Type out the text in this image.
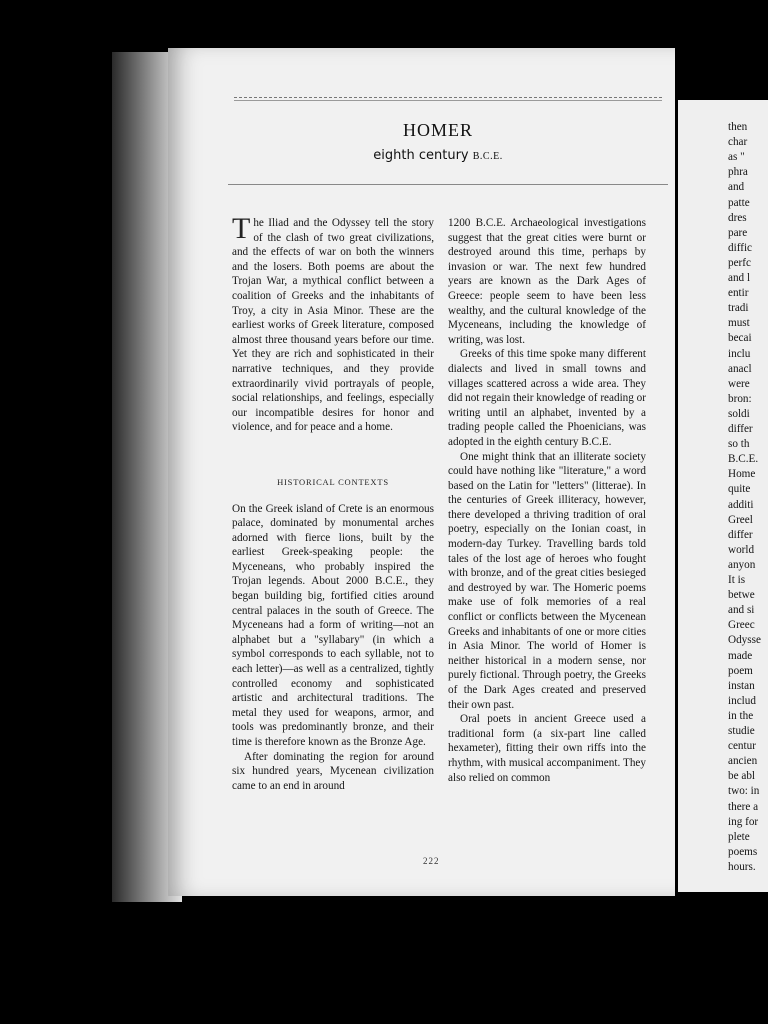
HOMER
eighth century B.C.E.

The Iliad and the Odyssey tell the story of the clash of two great civilizations, and the effects of war on both the winners and the losers. Both poems are about the Trojan War, a mythical conflict between a coalition of Greeks and the inhabitants of Troy, a city in Asia Minor. These are the earliest works of Greek literature, composed almost three thousand years before our time. Yet they are rich and sophisticated in their narrative techniques, and they provide extraordinarily vivid portrayals of people, social relationships, and feelings, especially our incompatible desires for honor and violence, and for peace and a home.

HISTORICAL CONTEXTS

On the Greek island of Crete is an enormous palace, dominated by monumental arches adorned with fierce lions, built by the earliest Greek-speaking people: the Myceneans, who probably inspired the Trojan legends. About 2000 B.C.E., they began building big, fortified cities around central palaces in the south of Greece. The Myceneans had a form of writing—not an alphabet but a "syllabary" (in which a symbol corresponds to each syllable, not to each letter)—as well as a centralized, tightly controlled economy and sophisticated artistic and architectural traditions. The metal they used for weapons, armor, and tools was predominantly bronze, and their time is therefore known as the Bronze Age.

After dominating the region for around six hundred years, Mycenean civilization came to an end in around

1200 B.C.E. Archaeological investigations suggest that the great cities were burnt or destroyed around this time, perhaps by invasion or war. The next few hundred years are known as the Dark Ages of Greece: people seem to have been less wealthy, and the cultural knowledge of the Myceneans, including the knowledge of writing, was lost.

Greeks of this time spoke many different dialects and lived in small towns and villages scattered across a wide area. They did not regain their knowledge of reading or writing until an alphabet, invented by a trading people called the Phoenicians, was adopted in the eighth century B.C.E.

One might think that an illiterate society could have nothing like "literature," a word based on the Latin for "letters" (litterae). In the centuries of Greek illiteracy, however, there developed a thriving tradition of oral poetry, especially on the Ionian coast, in modern-day Turkey. Travelling bards told tales of the lost age of heroes who fought with bronze, and of the great cities besieged and destroyed by war. The Homeric poems make use of folk memories of a real conflict or conflicts between the Mycenean Greeks and inhabitants of one or more cities in Asia Minor. The world of Homer is neither historical in a modern sense, nor purely fictional. Through poetry, the Greeks of the Dark Ages created and preserved their own past.

Oral poets in ancient Greece used a traditional form (a six-part line called hexameter), fitting their own riffs into the rhythm, with musical accompaniment. They also relied on common

222
then
char
as "
phra
and
patte
dres
pare
diffic
perfc
and l
entir
tradi
must
becai
inclu
anacl
were
bron:
soldi
differ
so th
B.C.E.
Home
quite
additi
Greel
differ
world
anyon
It is
betwe
and si
Greec
Odysse
made
poem
instan
includ
in the
studie
centur
ancien
be abl
two: in
there a
ing for
plete
poems
hours.
